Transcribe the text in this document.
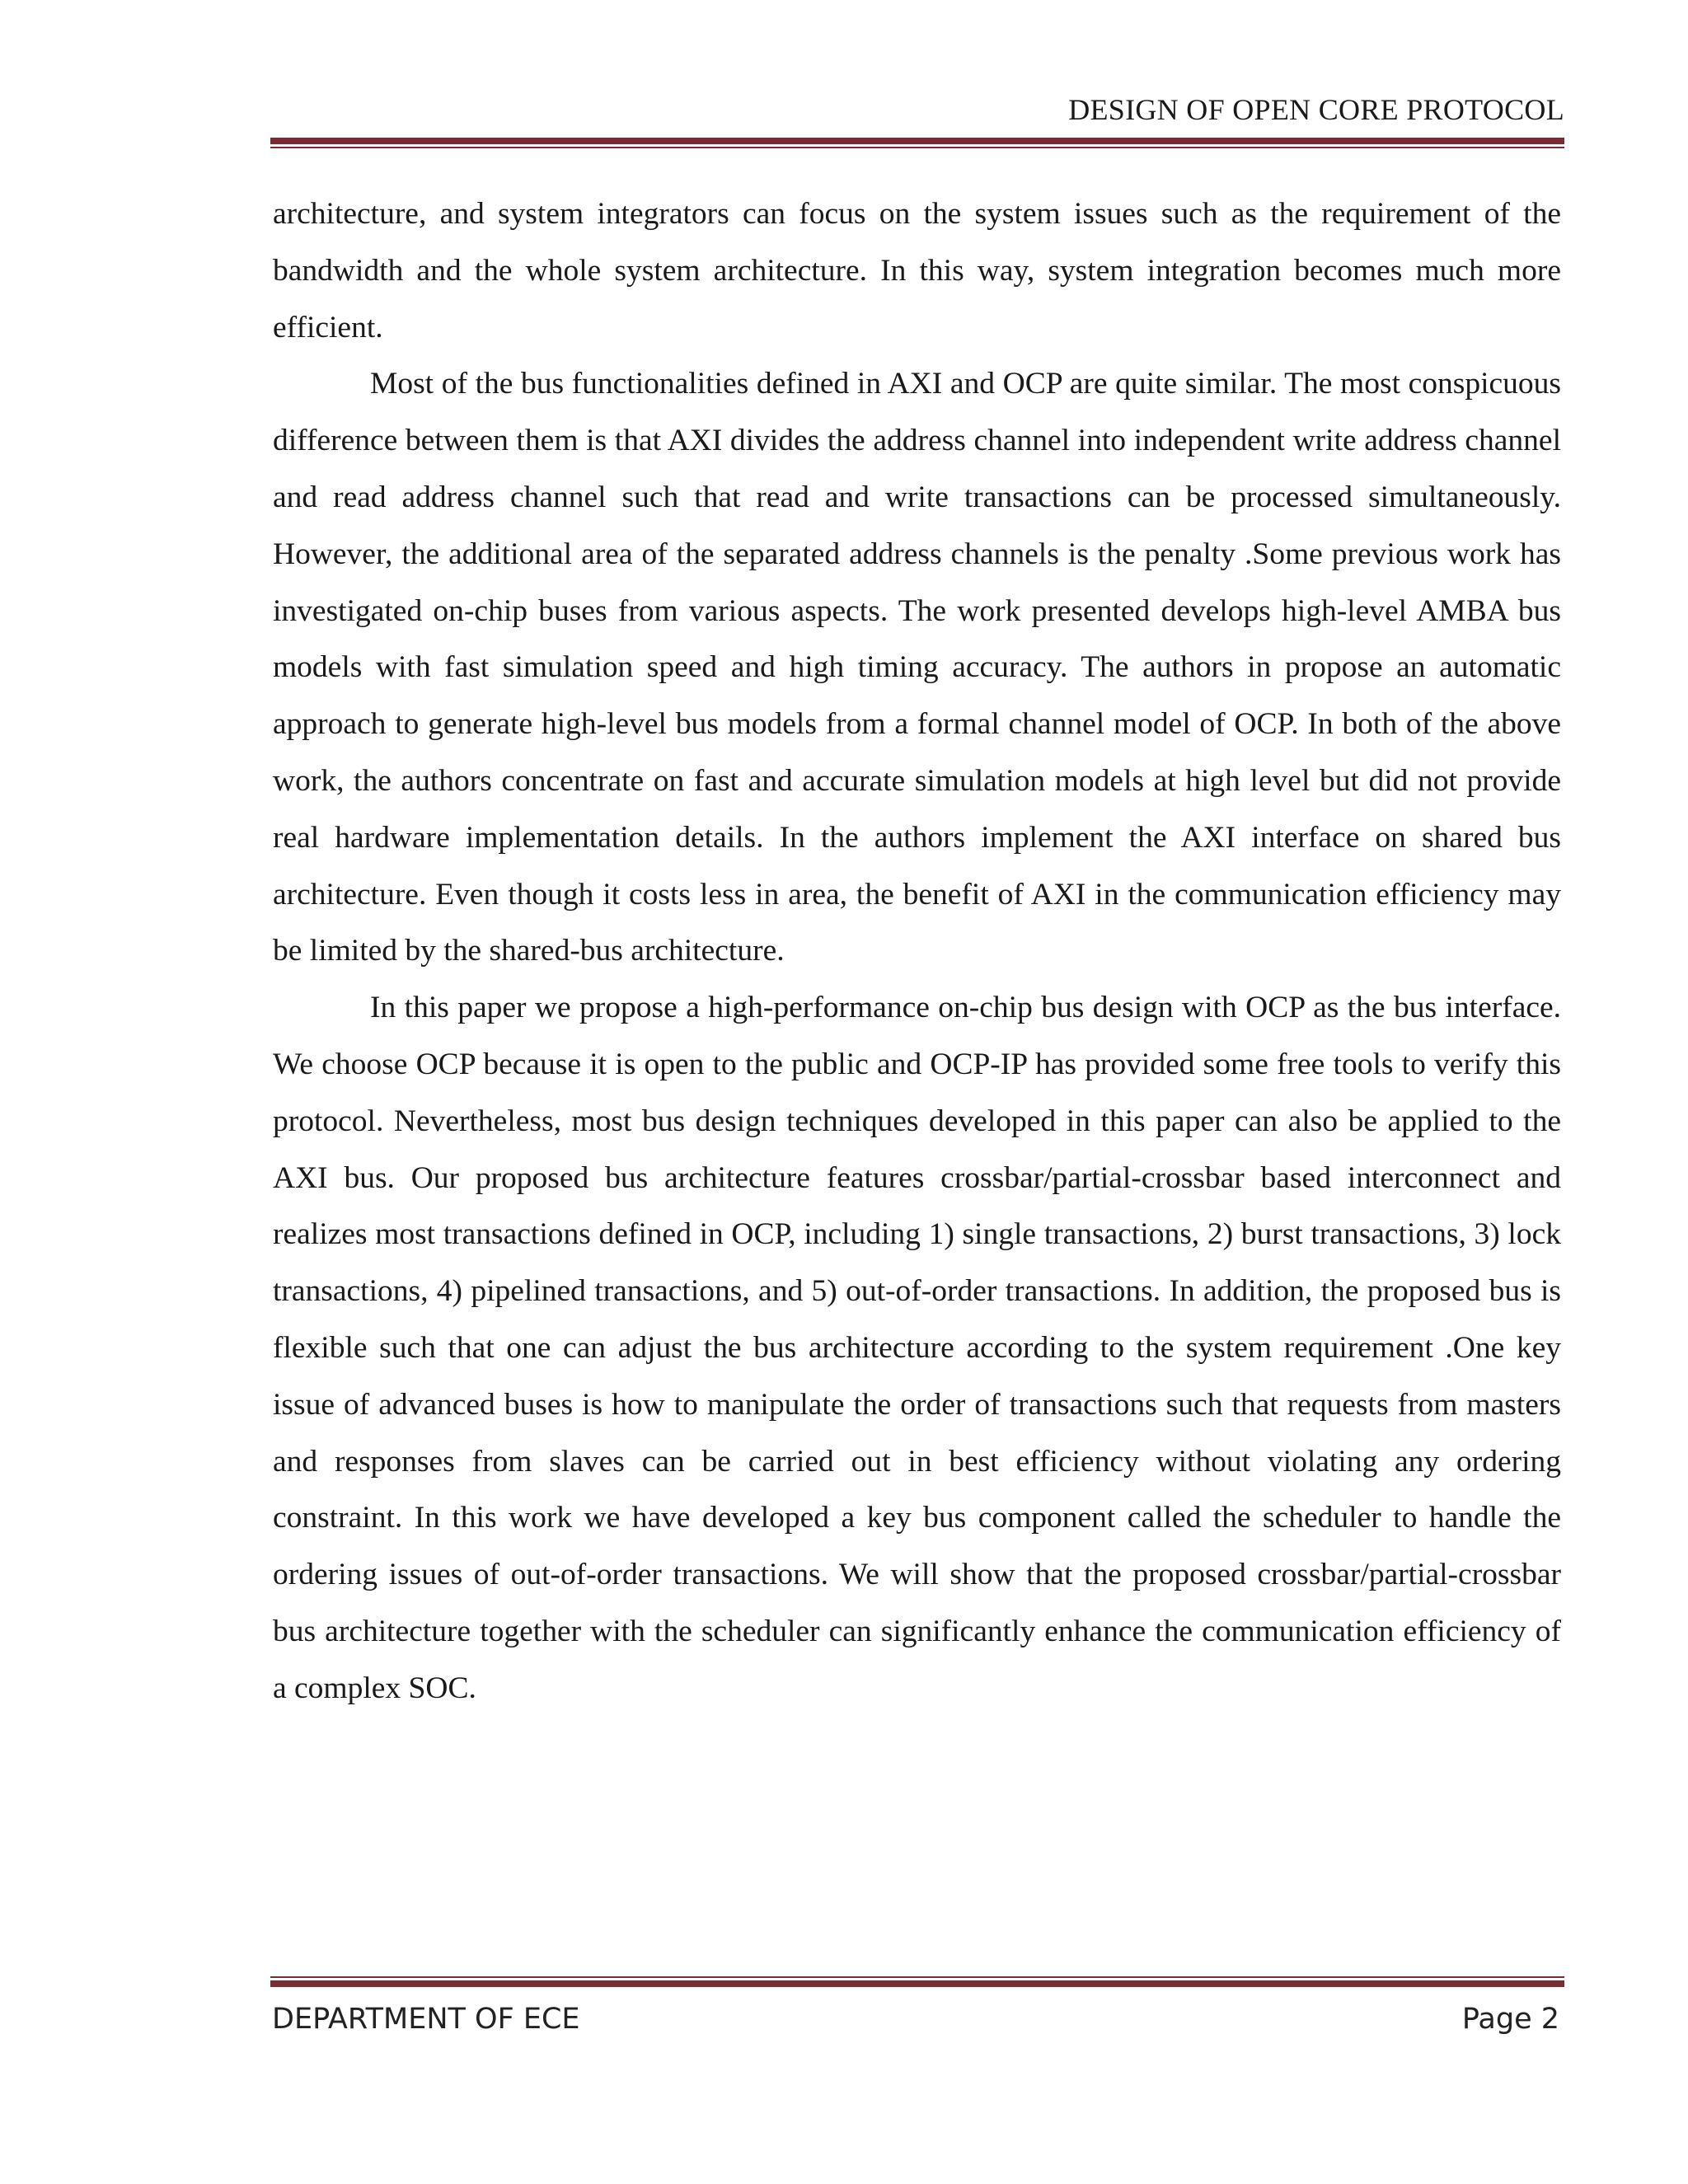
DESIGN OF OPEN CORE PROTOCOL

architecture, and system integrators can focus on the system issues such as the requirement of the bandwidth and the whole system architecture. In this way, system integration becomes much more efficient.

Most of the bus functionalities defined in AXI and OCP are quite similar. The most conspicuous difference between them is that AXI divides the address channel into independent write address channel and read address channel such that read and write transactions can be processed simultaneously. However, the additional area of the separated address channels is the penalty .Some previous work has investigated on-chip buses from various aspects. The work presented develops high-level AMBA bus models with fast simulation speed and high timing accuracy. The authors in propose an automatic approach to generate high-level bus models from a formal channel model of OCP. In both of the above work, the authors concentrate on fast and accurate simulation models at high level but did not provide real hardware implementation details. In the authors implement the AXI interface on shared bus architecture. Even though it costs less in area, the benefit of AXI in the communication efficiency may be limited by the shared-bus architecture.

In this paper we propose a high-performance on-chip bus design with OCP as the bus interface. We choose OCP because it is open to the public and OCP-IP has provided some free tools to verify this protocol. Nevertheless, most bus design techniques developed in this paper can also be applied to the AXI bus. Our proposed bus architecture features crossbar/partial-crossbar based interconnect and realizes most transactions defined in OCP, including 1) single transactions, 2) burst transactions, 3) lock transactions, 4) pipelined transactions, and 5) out-of-order transactions. In addition, the proposed bus is flexible such that one can adjust the bus architecture according to the system requirement .One key issue of advanced buses is how to manipulate the order of transactions such that requests from masters and responses from slaves can be carried out in best efficiency without violating any ordering constraint. In this work we have developed a key bus component called the scheduler to handle the ordering issues of out-of-order transactions. We will show that the proposed crossbar/partial-crossbar bus architecture together with the scheduler can significantly enhance the communication efficiency of a complex SOC.

DEPARTMENT OF ECE	Page 2
